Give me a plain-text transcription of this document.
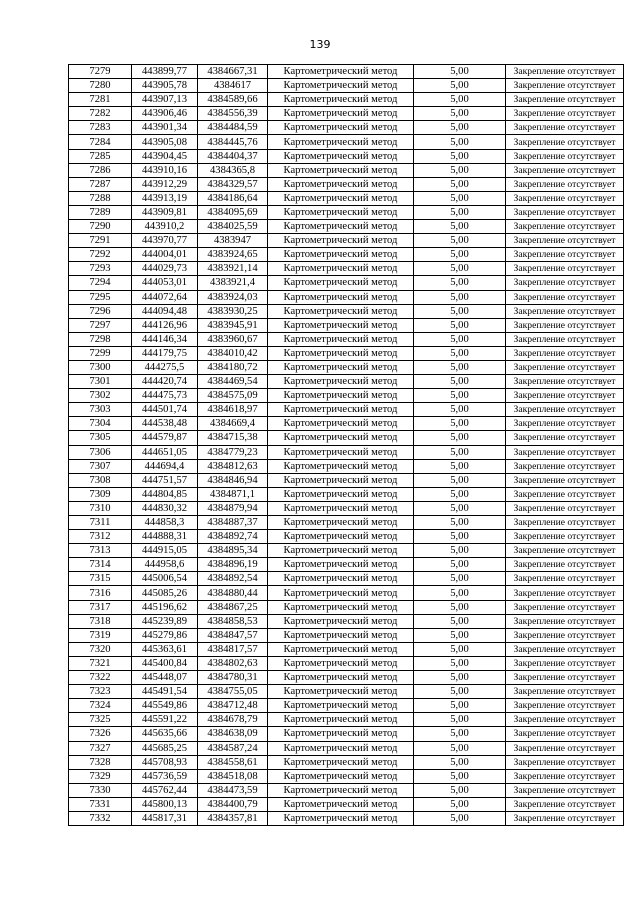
139
7279	443899,77	4384667,31	Картометрический метод	5,00	Закрепление отсутствует
7280	443905,78	4384617	Картометрический метод	5,00	Закрепление отсутствует
7281	443907,13	4384589,66	Картометрический метод	5,00	Закрепление отсутствует
7282	443906,46	4384556,39	Картометрический метод	5,00	Закрепление отсутствует
7283	443901,34	4384484,59	Картометрический метод	5,00	Закрепление отсутствует
7284	443905,08	4384445,76	Картометрический метод	5,00	Закрепление отсутствует
7285	443904,45	4384404,37	Картометрический метод	5,00	Закрепление отсутствует
7286	443910,16	4384365,8	Картометрический метод	5,00	Закрепление отсутствует
7287	443912,29	4384329,57	Картометрический метод	5,00	Закрепление отсутствует
7288	443913,19	4384186,64	Картометрический метод	5,00	Закрепление отсутствует
7289	443909,81	4384095,69	Картометрический метод	5,00	Закрепление отсутствует
7290	443910,2	4384025,59	Картометрический метод	5,00	Закрепление отсутствует
7291	443970,77	4383947	Картометрический метод	5,00	Закрепление отсутствует
7292	444004,01	4383924,65	Картометрический метод	5,00	Закрепление отсутствует
7293	444029,73	4383921,14	Картометрический метод	5,00	Закрепление отсутствует
7294	444053,01	4383921,4	Картометрический метод	5,00	Закрепление отсутствует
7295	444072,64	4383924,03	Картометрический метод	5,00	Закрепление отсутствует
7296	444094,48	4383930,25	Картометрический метод	5,00	Закрепление отсутствует
7297	444126,96	4383945,91	Картометрический метод	5,00	Закрепление отсутствует
7298	444146,34	4383960,67	Картометрический метод	5,00	Закрепление отсутствует
7299	444179,75	4384010,42	Картометрический метод	5,00	Закрепление отсутствует
7300	444275,5	4384180,72	Картометрический метод	5,00	Закрепление отсутствует
7301	444420,74	4384469,54	Картометрический метод	5,00	Закрепление отсутствует
7302	444475,73	4384575,09	Картометрический метод	5,00	Закрепление отсутствует
7303	444501,74	4384618,97	Картометрический метод	5,00	Закрепление отсутствует
7304	444538,48	4384669,4	Картометрический метод	5,00	Закрепление отсутствует
7305	444579,87	4384715,38	Картометрический метод	5,00	Закрепление отсутствует
7306	444651,05	4384779,23	Картометрический метод	5,00	Закрепление отсутствует
7307	444694,4	4384812,63	Картометрический метод	5,00	Закрепление отсутствует
7308	444751,57	4384846,94	Картометрический метод	5,00	Закрепление отсутствует
7309	444804,85	4384871,1	Картометрический метод	5,00	Закрепление отсутствует
7310	444830,32	4384879,94	Картометрический метод	5,00	Закрепление отсутствует
7311	444858,3	4384887,37	Картометрический метод	5,00	Закрепление отсутствует
7312	444888,31	4384892,74	Картометрический метод	5,00	Закрепление отсутствует
7313	444915,05	4384895,34	Картометрический метод	5,00	Закрепление отсутствует
7314	444958,6	4384896,19	Картометрический метод	5,00	Закрепление отсутствует
7315	445006,54	4384892,54	Картометрический метод	5,00	Закрепление отсутствует
7316	445085,26	4384880,44	Картометрический метод	5,00	Закрепление отсутствует
7317	445196,62	4384867,25	Картометрический метод	5,00	Закрепление отсутствует
7318	445239,89	4384858,53	Картометрический метод	5,00	Закрепление отсутствует
7319	445279,86	4384847,57	Картометрический метод	5,00	Закрепление отсутствует
7320	445363,61	4384817,57	Картометрический метод	5,00	Закрепление отсутствует
7321	445400,84	4384802,63	Картометрический метод	5,00	Закрепление отсутствует
7322	445448,07	4384780,31	Картометрический метод	5,00	Закрепление отсутствует
7323	445491,54	4384755,05	Картометрический метод	5,00	Закрепление отсутствует
7324	445549,86	4384712,48	Картометрический метод	5,00	Закрепление отсутствует
7325	445591,22	4384678,79	Картометрический метод	5,00	Закрепление отсутствует
7326	445635,66	4384638,09	Картометрический метод	5,00	Закрепление отсутствует
7327	445685,25	4384587,24	Картометрический метод	5,00	Закрепление отсутствует
7328	445708,93	4384558,61	Картометрический метод	5,00	Закрепление отсутствует
7329	445736,59	4384518,08	Картометрический метод	5,00	Закрепление отсутствует
7330	445762,44	4384473,59	Картометрический метод	5,00	Закрепление отсутствует
7331	445800,13	4384400,79	Картометрический метод	5,00	Закрепление отсутствует
7332	445817,31	4384357,81	Картометрический метод	5,00	Закрепление отсутствует
